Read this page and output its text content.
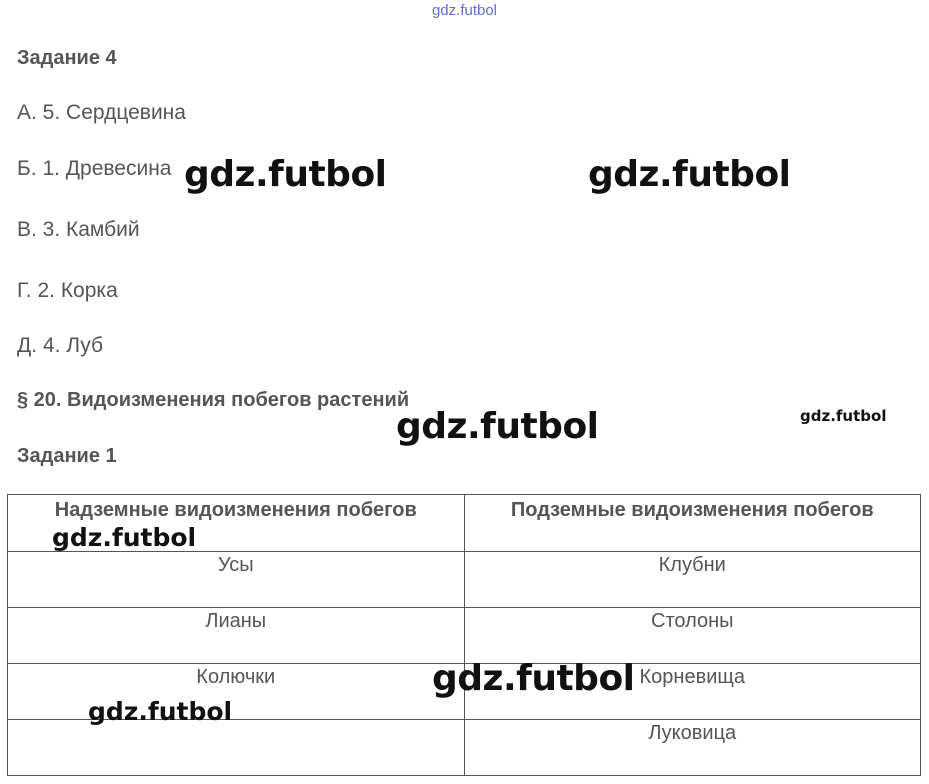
gdz.futbol
Задание 4
А. 5. Сердцевина
Б. 1. Древесина
В. 3. Камбий
Г. 2. Корка
Д. 4. Луб
§ 20. Видоизменения побегов растений
Задание 1
Надземные видоизменения побегов	Подземные видоизменения побегов

Усы	Клубни

Лианы	Столоны

Колючки	Корневища

	Луковица
gdz.futbol	gdz.futbol
gdz.futbol	gdz.futbol
gdz.futbol
gdz.futbol
gdz.futbol
